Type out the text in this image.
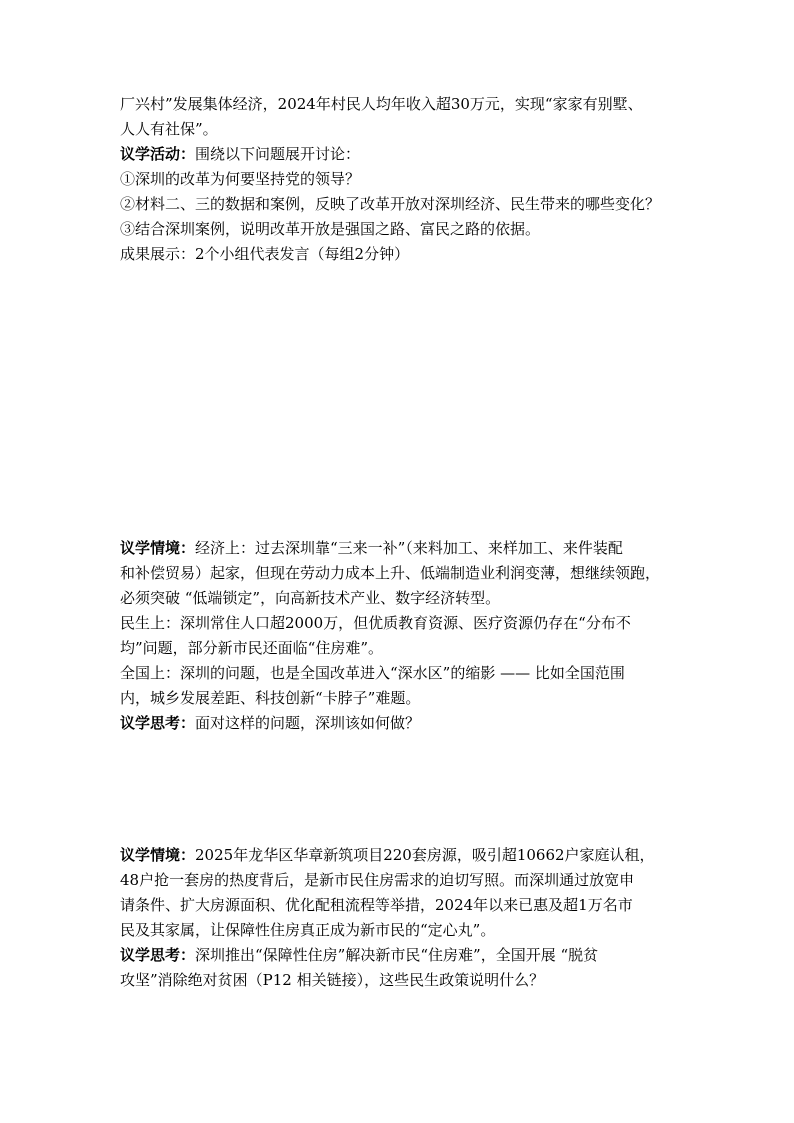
厂兴村”发展集体经济，2024年村民人均年收入超30万元，实现“家家有别墅、
人人有社保”。
议学活动：围绕以下问题展开讨论：
①深圳的改革为何要坚持党的领导？
②材料二、三的数据和案例，反映了改革开放对深圳经济、民生带来的哪些变化？
③结合深圳案例，说明改革开放是强国之路、富民之路的依据。
成果展示：2个小组代表发言（每组2分钟）
议学情境：经济上：过去深圳靠“三来一补”（来料加工、来样加工、来件装配
和补偿贸易）起家，但现在劳动力成本上升、低端制造业利润变薄，想继续领跑，
必须突破 “低端锁定”，向高新技术产业、数字经济转型。
民生上：深圳常住人口超2000万，但优质教育资源、医疗资源仍存在“分布不
均”问题，部分新市民还面临“住房难”。
全国上：深圳的问题，也是全国改革进入“深水区”的缩影 —— 比如全国范围
内，城乡发展差距、科技创新“卡脖子”难题。
议学思考：面对这样的问题，深圳该如何做？
议学情境：2025年龙华区华章新筑项目220套房源，吸引超10662户家庭认租，
48户抢一套房的热度背后，是新市民住房需求的迫切写照。而深圳通过放宽申
请条件、扩大房源面积、优化配租流程等举措，2024年以来已惠及超1万名市
民及其家属，让保障性住房真正成为新市民的“定心丸”。
议学思考：深圳推出“保障性住房”解决新市民“住房难”，全国开展 “脱贫
攻坚”消除绝对贫困（P12 相关链接），这些民生政策说明什么？
